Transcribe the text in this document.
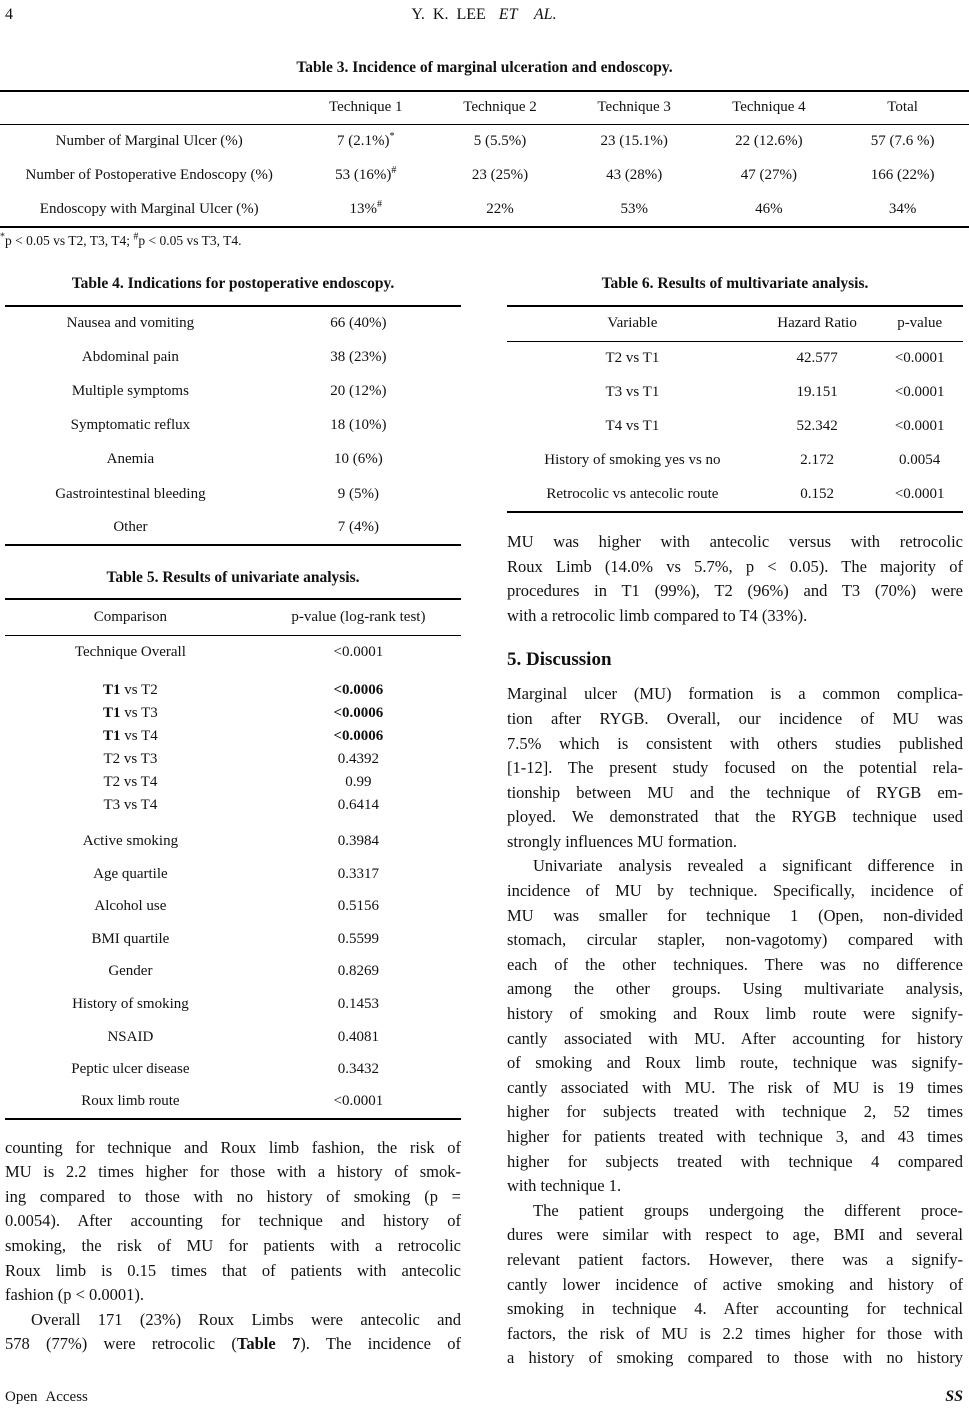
4	Y. K. LEE ET AL.
Table 3. Incidence of marginal ulceration and endoscopy.
	Technique 1	Technique 2	Technique 3	Technique 4	Total
Number of Marginal Ulcer (%)	7 (2.1%)*	5 (5.5%)	23 (15.1%)	22 (12.6%)	57 (7.6 %)
Number of Postoperative Endoscopy (%)	53 (16%)#	23 (25%)	43 (28%)	47 (27%)	166 (22%)
Endoscopy with Marginal Ulcer (%)	13%#	22%	53%	46%	34%
*p < 0.05 vs T2, T3, T4; #p < 0.05 vs T3, T4.
Table 4. Indications for postoperative endoscopy.
Nausea and vomiting	66 (40%)
Abdominal pain	38 (23%)
Multiple symptoms	20 (12%)
Symptomatic reflux	18 (10%)
Anemia	10 (6%)
Gastrointestinal bleeding	9 (5%)
Other	7 (4%)
Table 5. Results of univariate analysis.
Comparison	p-value (log-rank test)
Technique Overall	<0.0001

T1 vs T2	<0.0006
T1 vs T3	<0.0006
T1 vs T4	<0.0006
T2 vs T3	0.4392
T2 vs T4	0.99
T3 vs T4	0.6414

Active smoking	0.3984
Age quartile	0.3317
Alcohol use	0.5156
BMI quartile	0.5599
Gender	0.8269
History of smoking	0.1453
NSAID	0.4081
Peptic ulcer disease	0.3432
Roux limb route	<0.0001
counting for technique and Roux limb fashion, the risk of
MU is 2.2 times higher for those with a history of smok-
ing compared to those with no history of smoking (p =
0.0054). After accounting for technique and history of
smoking, the risk of MU for patients with a retrocolic
Roux limb is 0.15 times that of patients with antecolic
fashion (p < 0.0001).
Overall 171 (23%) Roux Limbs were antecolic and
578 (77%) were retrocolic (Table 7). The incidence of
Table 6. Results of multivariate analysis.
Variable	Hazard Ratio	p-value
T2 vs T1	42.577	<0.0001
T3 vs T1	19.151	<0.0001
T4 vs T1	52.342	<0.0001
History of smoking yes vs no	2.172	0.0054
Retrocolic vs antecolic route	0.152	<0.0001
MU was higher with antecolic versus with retrocolic
Roux Limb (14.0% vs 5.7%, p < 0.05). The majority of
procedures in T1 (99%), T2 (96%) and T3 (70%) were
with a retrocolic limb compared to T4 (33%).
5. Discussion
Marginal ulcer (MU) formation is a common complica-
tion after RYGB. Overall, our incidence of MU was
7.5% which is consistent with others studies published
[1-12]. The present study focused on the potential rela-
tionship between MU and the technique of RYGB em-
ployed. We demonstrated that the RYGB technique used
strongly influences MU formation.
Univariate analysis revealed a significant difference in
incidence of MU by technique. Specifically, incidence of
MU was smaller for technique 1 (Open, non-divided
stomach, circular stapler, non-vagotomy) compared with
each of the other techniques. There was no difference
among the other groups. Using multivariate analysis,
history of smoking and Roux limb route were signify-
cantly associated with MU. After accounting for history
of smoking and Roux limb route, technique was signify-
cantly associated with MU. The risk of MU is 19 times
higher for subjects treated with technique 2, 52 times
higher for patients treated with technique 3, and 43 times
higher for subjects treated with technique 4 compared
with technique 1.
The patient groups undergoing the different proce-
dures were similar with respect to age, BMI and several
relevant patient factors. However, there was a signify-
cantly lower incidence of active smoking and history of
smoking in technique 4. After accounting for technical
factors, the risk of MU is 2.2 times higher for those with
a history of smoking compared to those with no history
Open Access	SS
